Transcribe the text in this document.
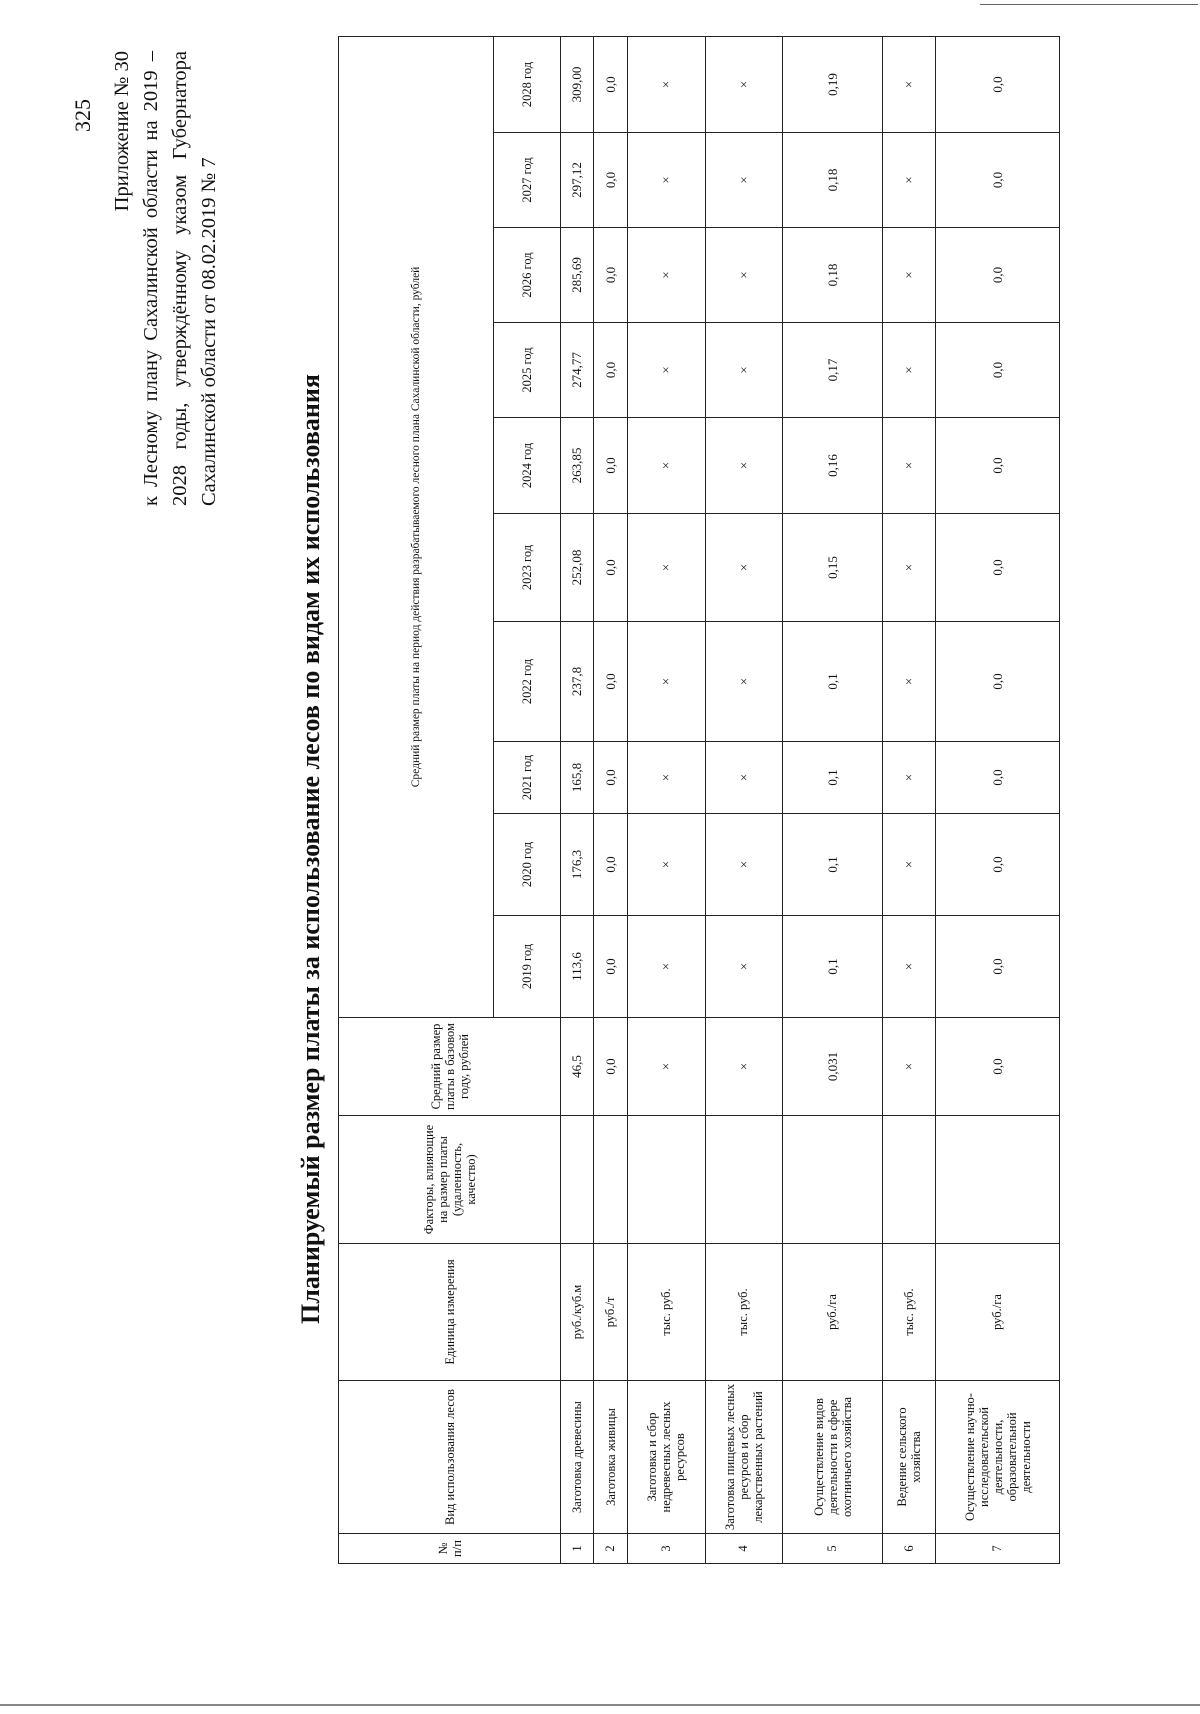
325 Приложение № 30 к Лесному плану Сахалинской области на 2019 – 2028 годы, утверждённому указом Губернатора Сахалинской области от 08.02.2019 № 7
Планируемый размер платы за использование лесов по видам их использования
№ п/п	Вид использования лесов	Единица измерения	Факторы, влияющие на размер платы (удаленность, качество)	Средний размер платы в базовом году, рублей	Средний размер платы на период действия разрабатываемого лесного плана Сахалинской области, рублей									
					2019 год	2020 год	2021 год	2022 год	2023 год	2024 год	2025 год	2026 год	2027 год	2028 год
1	Заготовка древесины	руб./куб.м		46,5	113,6	176,3	165,8	237,8	252,08	263,85	274,77	285,69	297,12	309,00
2	Заготовка живицы	руб./т		0,0	0,0	0,0	0,0	0,0	0,0	0,0	0,0	0,0	0,0	0,0
3	Заготовка и сбор недревесных лесных ресурсов	тыс. руб.		×	×	×	×	×	×	×	×	×	×	×
4	Заготовка пищевых лесных ресурсов и сбор лекарственных растений	тыс. руб.		×	×	×	×	×	×	×	×	×	×	×
5	Осуществление видов деятельности в сфере охотничьего хозяйства	руб./га		0,031	0,1	0,1	0,1	0,1	0,15	0,16	0,17	0,18	0,18	0,19
6	Ведение сельского хозяйства	тыс. руб.		×	×	×	×	×	×	×	×	×	×	×
7	Осуществление научно-исследовательской деятельности, образовательной деятельности	руб./га		0,0	0,0	0,0	0,0	0,0	0,0	0,0	0,0	0,0	0,0	0,0
